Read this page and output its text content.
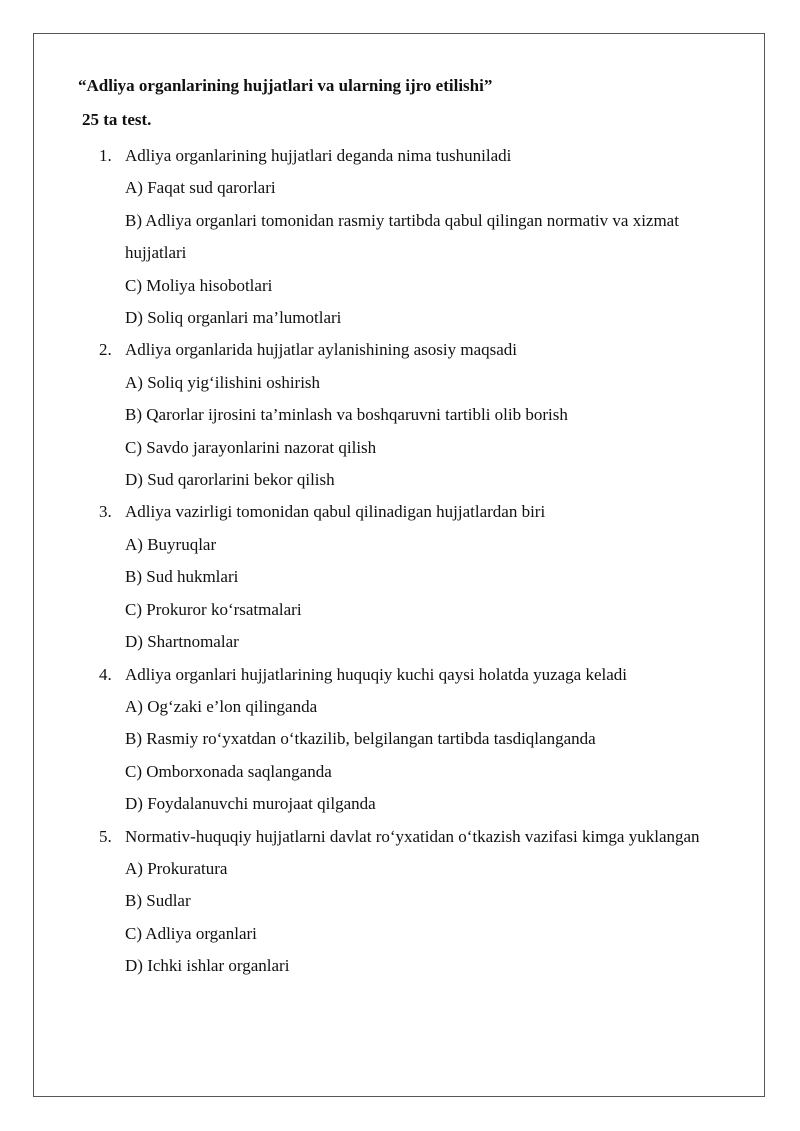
“Adliya organlarining hujjatlari va ularning ijro etilishi”
25 ta test.
1. Adliya organlarining hujjatlari deganda nima tushuniladi
A) Faqat sud qarorlari
B) Adliya organlari tomonidan rasmiy tartibda qabul qilingan normativ va xizmat hujjatlari
C) Moliya hisobotlari
D) Soliq organlari ma’lumotlari
2. Adliya organlarida hujjatlar aylanishining asosiy maqsadi
A) Soliq yig‘ilishini oshirish
B) Qarorlar ijrosini ta’minlash va boshqaruvni tartibli olib borish
C) Savdo jarayonlarini nazorat qilish
D) Sud qarorlarini bekor qilish
3. Adliya vazirligi tomonidan qabul qilinadigan hujjatlardan biri
A) Buyruqlar
B) Sud hukmlari
C) Prokuror ko‘rsatmalari
D) Shartnomalar
4. Adliya organlari hujjatlarining huquqiy kuchi qaysi holatda yuzaga keladi
A) Og‘zaki e’lon qilinganda
B) Rasmiy ro‘yxatdan o‘tkazilib, belgilangan tartibda tasdiqlanganda
C) Omborxonada saqlanganda
D) Foydalanuvchi murojaat qilganda
5. Normativ-huquqiy hujjatlarni davlat ro‘yxatidan o‘tkazish vazifasi kimga yuklangan
A) Prokuratura
B) Sudlar
C) Adliya organlari
D) Ichki ishlar organlari
